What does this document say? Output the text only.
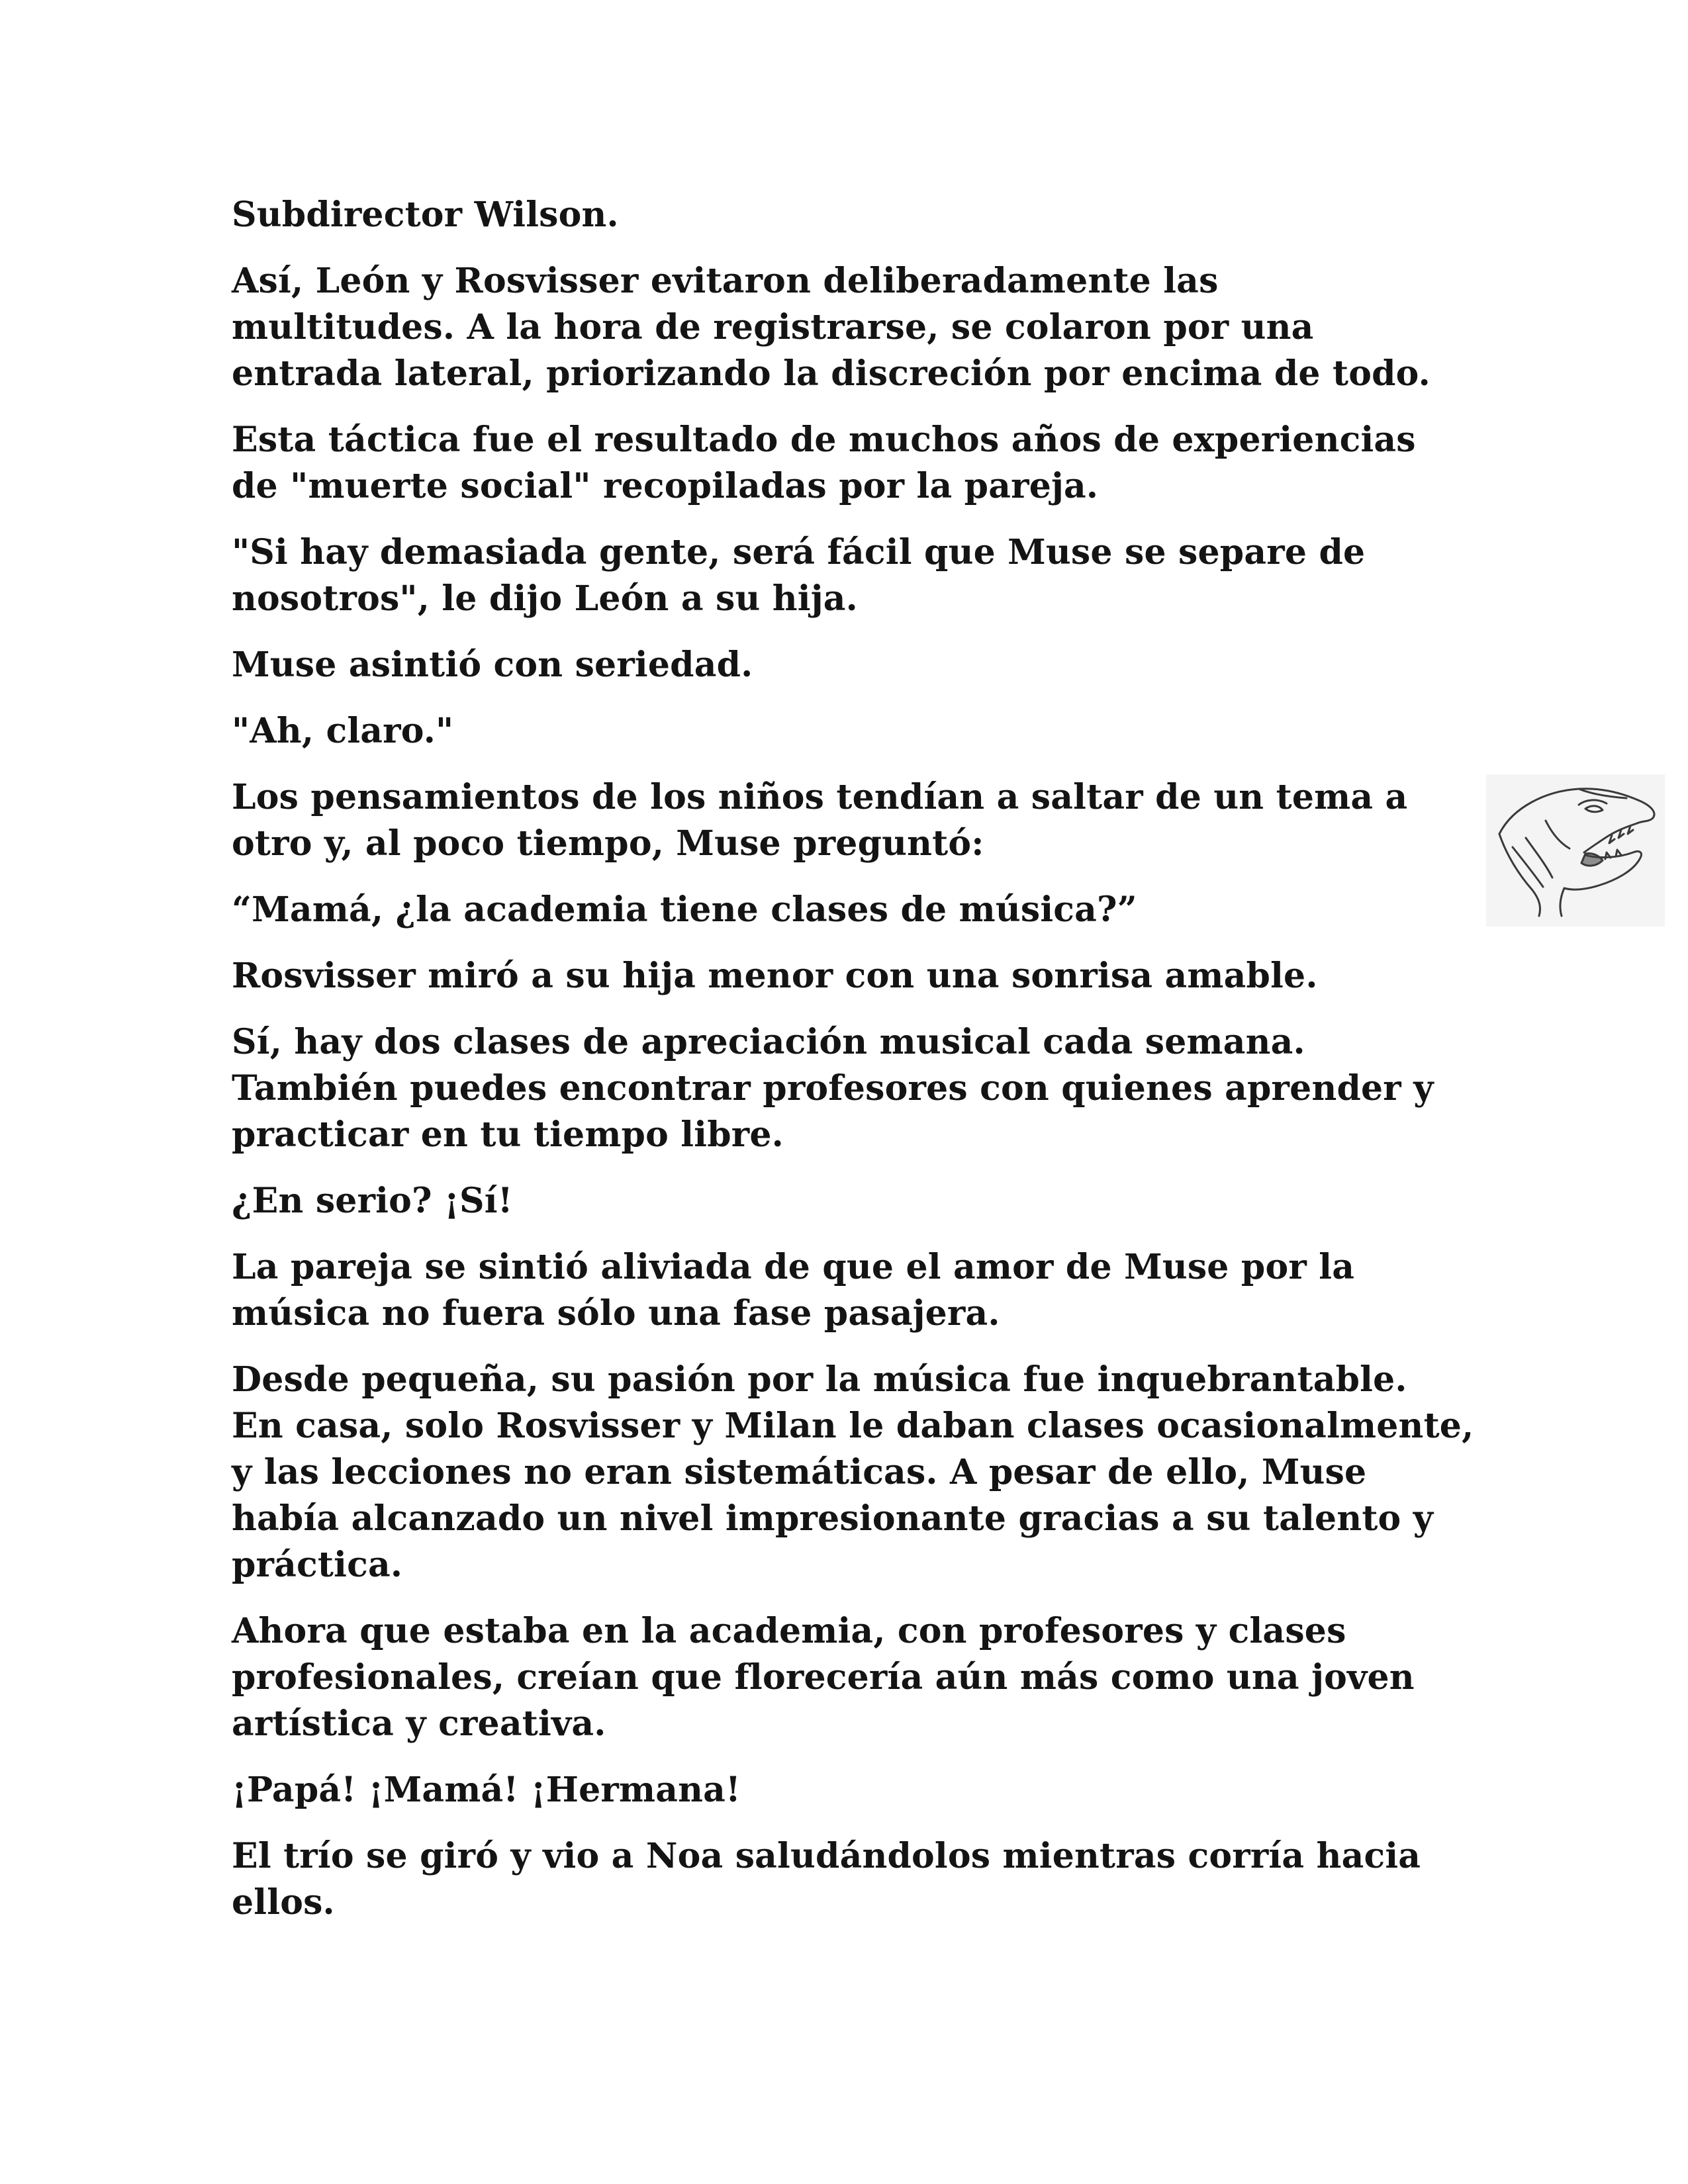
Subdirector Wilson.

Así, León y Rosvisser evitaron deliberadamente las
multitudes. A la hora de registrarse, se colaron por una
entrada lateral, priorizando la discreción por encima de todo.

Esta táctica fue el resultado de muchos años de experiencias
de "muerte social" recopiladas por la pareja.

"Si hay demasiada gente, será fácil que Muse se separe de
nosotros", le dijo León a su hija.

Muse asintió con seriedad.

"Ah, claro."

Los pensamientos de los niños tendían a saltar de un tema a
otro y, al poco tiempo, Muse preguntó:

“Mamá, ¿la academia tiene clases de música?”

Rosvisser miró a su hija menor con una sonrisa amable.

Sí, hay dos clases de apreciación musical cada semana.
También puedes encontrar profesores con quienes aprender y
practicar en tu tiempo libre.

¿En serio? ¡Sí!

La pareja se sintió aliviada de que el amor de Muse por la
música no fuera sólo una fase pasajera.

Desde pequeña, su pasión por la música fue inquebrantable.
En casa, solo Rosvisser y Milan le daban clases ocasionalmente,
y las lecciones no eran sistemáticas. A pesar de ello, Muse
había alcanzado un nivel impresionante gracias a su talento y
práctica.

Ahora que estaba en la academia, con profesores y clases
profesionales, creían que florecería aún más como una joven
artística y creativa.

¡Papá! ¡Mamá! ¡Hermana!

El trío se giró y vio a Noa saludándolos mientras corría hacia
ellos.
